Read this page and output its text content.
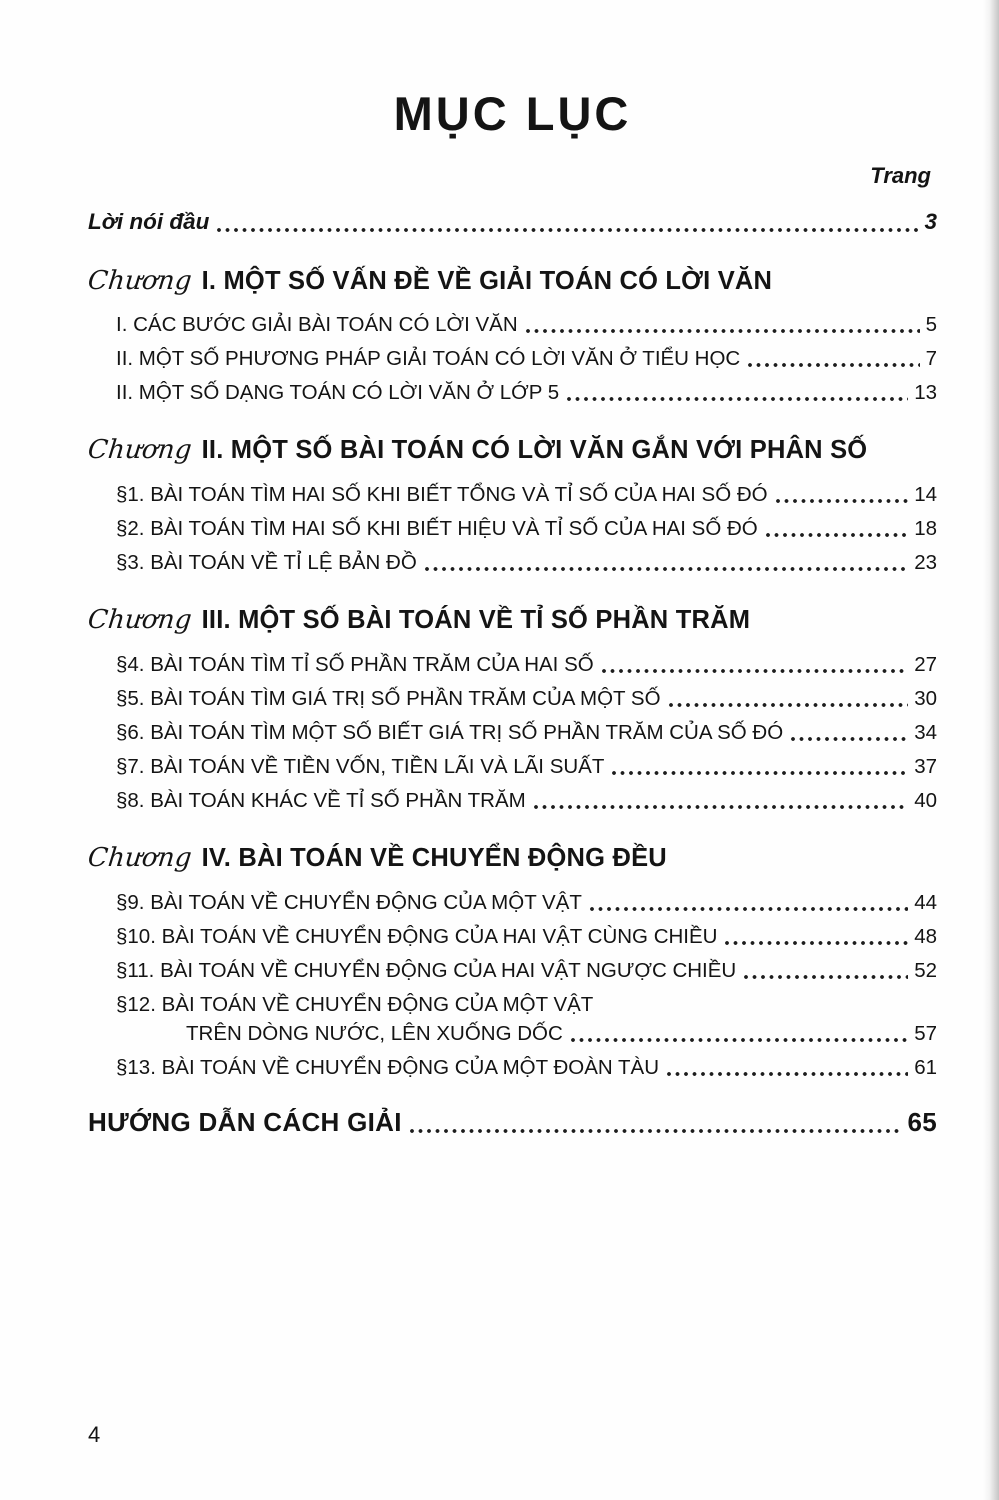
MỤC LỤC
Trang
Lời nói đầu	3
Chương I. MỘT SỐ VẤN ĐỀ VỀ GIẢI TOÁN CÓ LỜI VĂN
I. CÁC BƯỚC GIẢI BÀI TOÁN CÓ LỜI VĂN	5
II. MỘT SỐ PHƯƠNG PHÁP GIẢI TOÁN CÓ LỜI VĂN Ở TIỂU HỌC	7
II. MỘT SỐ DẠNG TOÁN CÓ LỜI VĂN Ở LỚP 5	13
Chương II. MỘT SỐ BÀI TOÁN CÓ LỜI VĂN GẮN VỚI PHÂN SỐ
§1. BÀI TOÁN TÌM HAI SỐ KHI BIẾT TỔNG VÀ TỈ SỐ CỦA HAI SỐ ĐÓ	14
§2. BÀI TOÁN TÌM HAI SỐ KHI BIẾT HIỆU VÀ TỈ SỐ CỦA HAI SỐ ĐÓ	18
§3. BÀI TOÁN VỀ TỈ LỆ BẢN ĐỒ	23
Chương III. MỘT SỐ BÀI TOÁN VỀ TỈ SỐ PHẦN TRĂM
§4. BÀI TOÁN TÌM TỈ SỐ PHẦN TRĂM CỦA HAI SỐ	27
§5. BÀI TOÁN TÌM GIÁ TRỊ SỐ PHẦN TRĂM CỦA MỘT SỐ	30
§6. BÀI TOÁN TÌM MỘT SỐ BIẾT GIÁ TRỊ SỐ PHẦN TRĂM CỦA SỐ ĐÓ	34
§7. BÀI TOÁN VỀ TIỀN VỐN, TIỀN LÃI VÀ LÃI SUẤT	37
§8. BÀI TOÁN KHÁC VỀ TỈ SỐ PHẦN TRĂM	40
Chương IV. BÀI TOÁN VỀ CHUYỂN ĐỘNG ĐỀU
§9. BÀI TOÁN VỀ CHUYỂN ĐỘNG CỦA MỘT VẬT	44
§10. BÀI TOÁN VỀ CHUYỂN ĐỘNG CỦA HAI VẬT CÙNG CHIỀU	48
§11. BÀI TOÁN VỀ CHUYỂN ĐỘNG CỦA HAI VẬT NGƯỢC CHIỀU	52
§12. BÀI TOÁN VỀ CHUYỂN ĐỘNG CỦA MỘT VẬT
TRÊN DÒNG NƯỚC, LÊN XUỐNG DỐC	57
§13. BÀI TOÁN VỀ CHUYỂN ĐỘNG CỦA MỘT ĐOÀN TÀU	61
HƯỚNG DẪN CÁCH GIẢI	65
4
